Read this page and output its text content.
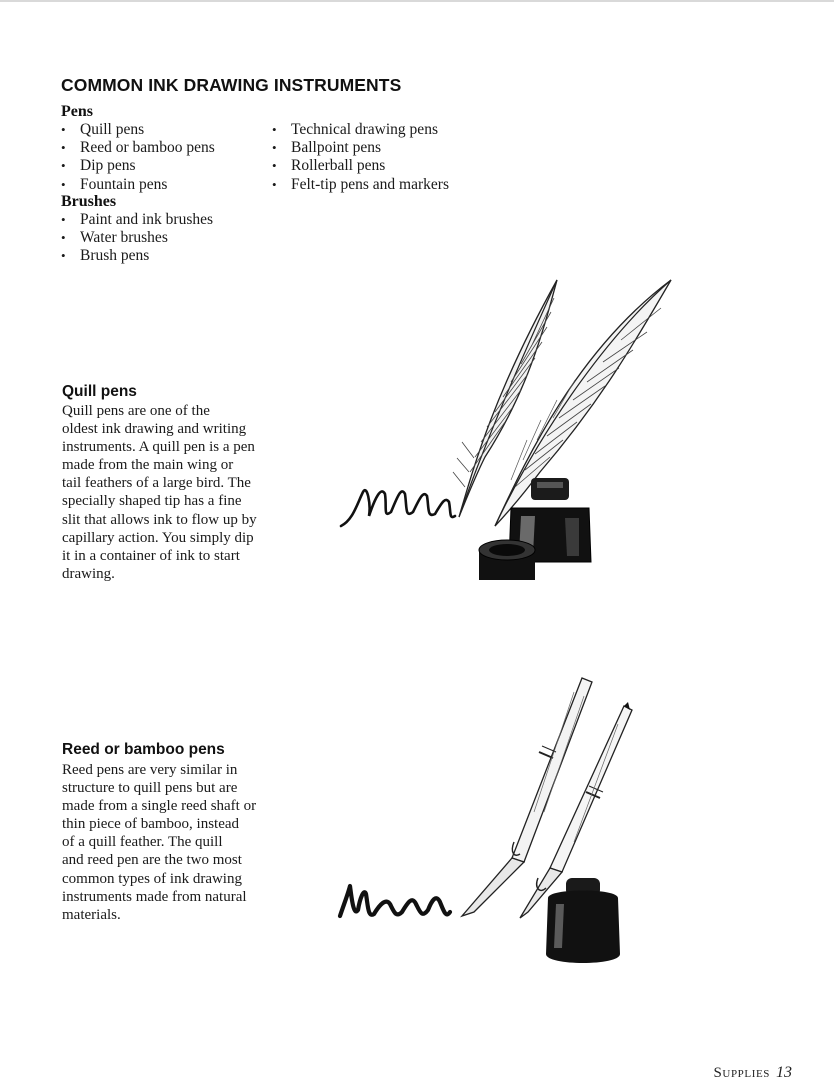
COMMON INK DRAWING INSTRUMENTS
Pens
• Quill pens
• Reed or bamboo pens
• Dip pens
• Fountain pens
• Technical drawing pens
• Ballpoint pens
• Rollerball pens
• Felt-tip pens and markers
Brushes
• Paint and ink brushes
• Water brushes
• Brush pens
Quill pens
Quill pens are one of the
oldest ink drawing and writing
instruments. A quill pen is a pen
made from the main wing or
tail feathers of a large bird. The
specially shaped tip has a fine
slit that allows ink to flow up by
capillary action. You simply dip
it in a container of ink to start
drawing.
Reed or bamboo pens
Reed pens are very similar in
structure to quill pens but are
made from a single reed shaft or
thin piece of bamboo, instead
of a quill feather. The quill
and reed pen are the two most
common types of ink drawing
instruments made from natural
materials.
Supplies 13
